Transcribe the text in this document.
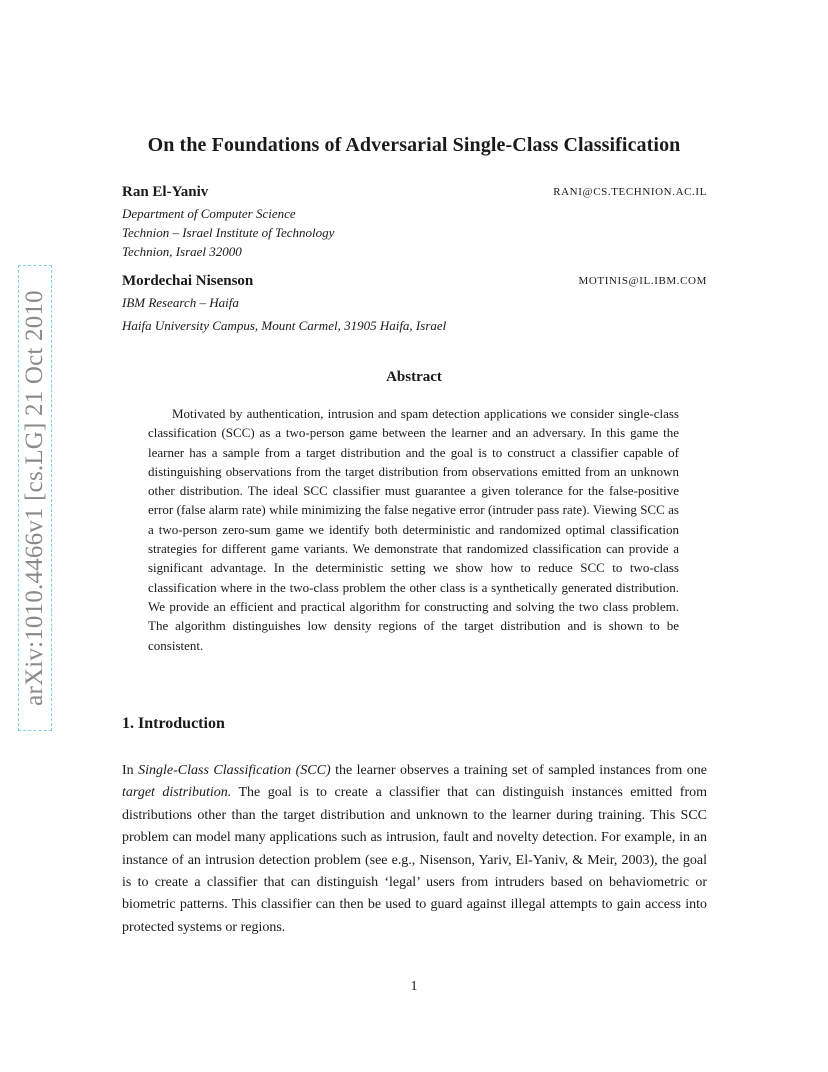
arXiv:1010.4466v1 [cs.LG] 21 Oct 2010
On the Foundations of Adversarial Single-Class Classification
Ran El-Yaniv	RANI@CS.TECHNION.AC.IL
Department of Computer Science
Technion – Israel Institute of Technology
Technion, Israel 32000
Mordechai Nisenson	MOTINIS@IL.IBM.COM
IBM Research – Haifa
Haifa University Campus, Mount Carmel, 31905 Haifa, Israel
Abstract

Motivated by authentication, intrusion and spam detection applications we consider single-class classification (SCC) as a two-person game between the learner and an adversary. In this game the learner has a sample from a target distribution and the goal is to construct a classifier capable of distinguishing observations from the target distribution from observations emitted from an unknown other distribution. The ideal SCC classifier must guarantee a given tolerance for the false-positive error (false alarm rate) while minimizing the false negative error (intruder pass rate). Viewing SCC as a two-person zero-sum game we identify both deterministic and randomized optimal classification strategies for different game variants. We demonstrate that randomized classification can provide a significant advantage. In the deterministic setting we show how to reduce SCC to two-class classification where in the two-class problem the other class is a synthetically generated distribution. We provide an efficient and practical algorithm for constructing and solving the two class problem. The algorithm distinguishes low density regions of the target distribution and is shown to be consistent.

1. Introduction

In Single-Class Classification (SCC) the learner observes a training set of sampled instances from one target distribution. The goal is to create a classifier that can distinguish instances emitted from distributions other than the target distribution and unknown to the learner during training. This SCC problem can model many applications such as intrusion, fault and novelty detection. For example, in an instance of an intrusion detection problem (see e.g., Nisenson, Yariv, El-Yaniv, & Meir, 2003), the goal is to create a classifier that can distinguish ‘legal’ users from intruders based on behaviometric or biometric patterns. This classifier can then be used to guard against illegal attempts to gain access into protected systems or regions.

1
